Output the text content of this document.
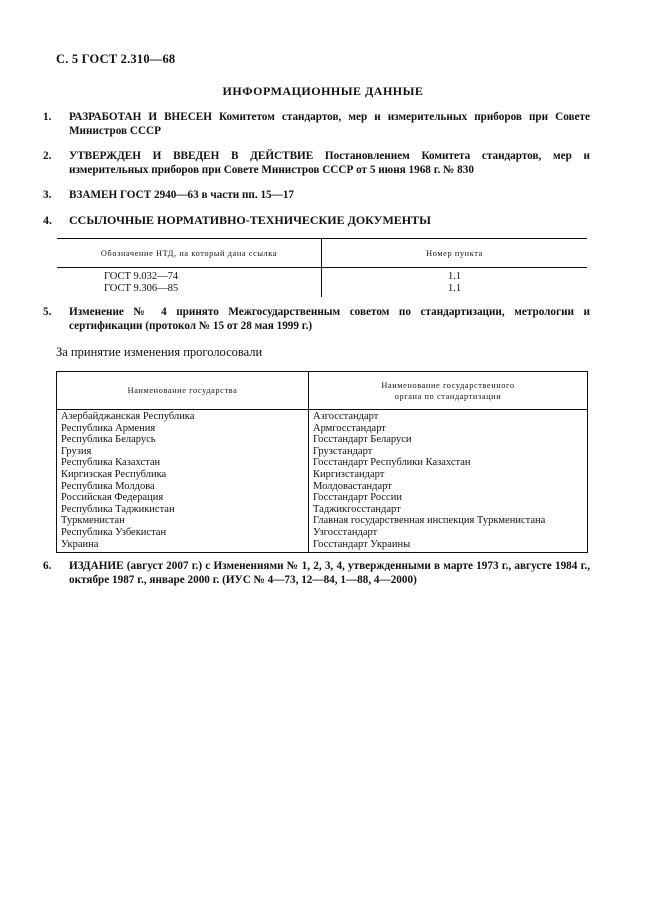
С. 5 ГОСТ 2.310—68
ИНФОРМАЦИОННЫЕ ДАННЫЕ

1. РАЗРАБОТАН И ВНЕСЕН Комитетом стандартов, мер и измерительных приборов при Совете Министров СССР

2. УТВЕРЖДЕН И ВВЕДЕН В ДЕЙСТВИЕ Постановлением Комитета стандартов, мер и измерительных приборов при Совете Министров СССР от 5 июня 1968 г. № 830

3. ВЗАМЕН ГОСТ 2940—63 в части пп. 15—17

4. ССЫЛОЧНЫЕ НОРМАТИВНО-ТЕХНИЧЕСКИЕ ДОКУМЕНТЫ

Обозначение НТД, на который дана ссылка	Номер пункта
ГОСТ 9.032—74	1.1
ГОСТ 9.306—85	1.1

5. Изменение № 4 принято Межгосударственным советом по стандартизации, метрологии и сертификации (протокол № 15 от 28 мая 1999 г.)

За принятие изменения проголосовали
Наименование государства	Наименование государственного
органа по стандартизации
Азербайджанская Республика	Азгосстандарт
Республика Армения	Армгосстандарт
Республика Беларусь	Госстандарт Беларуси
Грузия	Грузстандарт
Республика Казахстан	Госстандарт Республики Казахстан
Киргизская Республика	Киргизстандарт
Республика Молдова	Молдовастандарт
Российская Федерация	Госстандарт России
Республика Таджикистан	Таджикгосстандарт
Туркменистан	Главная государственная инспекция Туркменистана
Республика Узбекистан	Узгосстандарт
Украина	Госстандарт Украины

6. ИЗДАНИЕ (август 2007 г.) с Изменениями № 1, 2, 3, 4, утвержденными в марте 1973 г., августе 1984 г., октябре 1987 г., январе 2000 г. (ИУС № 4—73, 12—84, 1—88, 4—2000)
